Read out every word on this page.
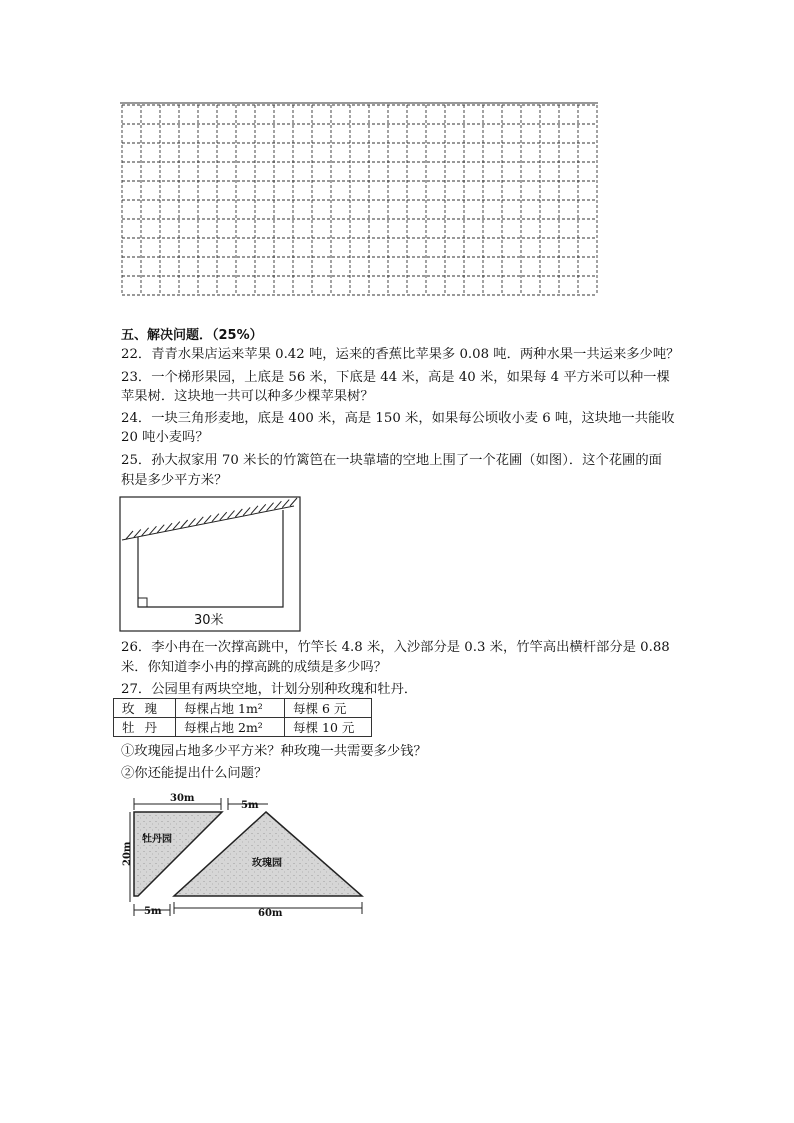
五、解决问题．（25%）
22．青青水果店运来苹果 0.42 吨，运来的香蕉比苹果多 0.08 吨．两种水果一共运来多少吨？
23．一个梯形果园，上底是 56 米，下底是 44 米，高是 40 米，如果每 4 平方米可以种一棵
苹果树．这块地一共可以种多少棵苹果树？
24．一块三角形麦地，底是 400 米，高是 150 米，如果每公顷收小麦 6 吨，这块地一共能收
20 吨小麦吗？
25．孙大叔家用 70 米长的竹篱笆在一块靠墙的空地上围了一个花圃（如图）．这个花圃的面
积是多少平方米？
30米
26．李小冉在一次撑高跳中，竹竿长 4.8 米，入沙部分是 0.3 米，竹竿高出横杆部分是 0.88
米．你知道李小冉的撑高跳的成绩是多少吗？
27．公园里有两块空地，计划分别种玫瑰和牡丹．
玫瑰	每棵占地 1m²	每棵 6 元
牡丹	每棵占地 2m²	每棵 10 元
①玫瑰园占地多少平方米？种玫瑰一共需要多少钱？
②你还能提出什么问题？
30m
5m
20m
牡丹园
玫瑰园
5m	60m
